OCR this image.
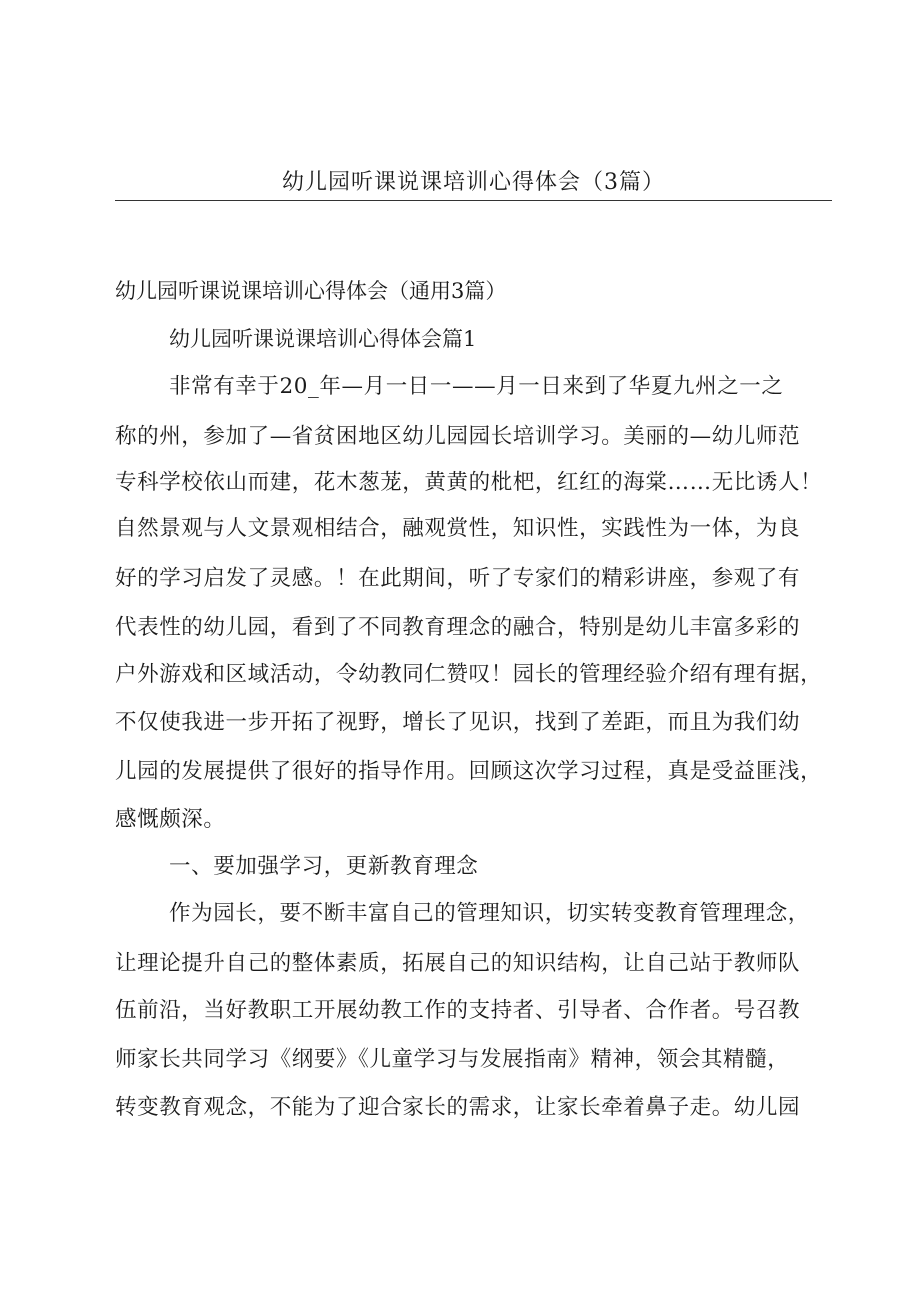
幼儿园听课说课培训心得体会（3篇）
幼儿园听课说课培训心得体会（通用3篇）
幼儿园听课说课培训心得体会篇1
非常有幸于20_年—月一日一——月一日来到了华夏九州之一之
称的州，参加了—省贫困地区幼儿园园长培训学习。美丽的—幼儿师范
专科学校依山而建，花木葱茏，黄黄的枇杷，红红的海棠……无比诱人！
自然景观与人文景观相结合，融观赏性，知识性，实践性为一体，为良
好的学习启发了灵感。！在此期间，听了专家们的精彩讲座，参观了有
代表性的幼儿园，看到了不同教育理念的融合，特别是幼儿丰富多彩的
户外游戏和区域活动，令幼教同仁赞叹！园长的管理经验介绍有理有据，
不仅使我进一步开拓了视野，增长了见识，找到了差距，而且为我们幼
儿园的发展提供了很好的指导作用。回顾这次学习过程，真是受益匪浅，
感慨颇深。
一、要加强学习，更新教育理念
作为园长，要不断丰富自己的管理知识，切实转变教育管理理念，
让理论提升自己的整体素质，拓展自己的知识结构，让自己站于教师队
伍前沿，当好教职工开展幼教工作的支持者、引导者、合作者。号召教
师家长共同学习《纲要》《儿童学习与发展指南》精神，领会其精髓，
转变教育观念，不能为了迎合家长的需求，让家长牵着鼻子走。幼儿园
